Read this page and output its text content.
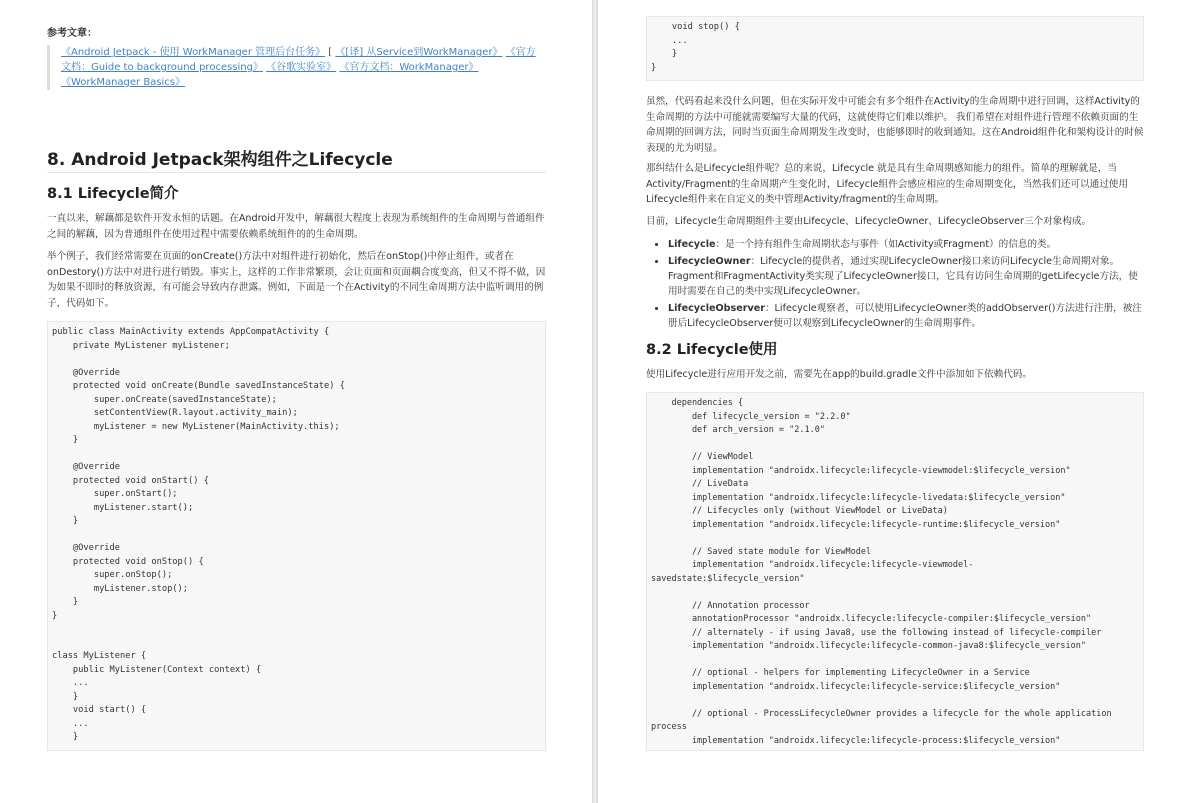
参考文章：
《Android Jetpack - 使用 WorkManager 管理后台任务》 [ 《[译] 从Service到WorkManager》 《官方文档：Guide to background processing》 《谷歌实验室》 《官方文档：WorkManager》 《WorkManager Basics》
8. Android Jetpack架构组件之Lifecycle
8.1 Lifecycle简介
一直以来，解藕都是软件开发永恒的话题。在Android开发中，解藕很大程度上表现为系统组件的生命周期与普通组件之间的解藕，因为普通组件在使用过程中需要依赖系统组件的的生命周期。
举个例子，我们经常需要在页面的onCreate()方法中对组件进行初始化，然后在onStop()中停止组件，或者在onDestory()方法中对进行进行销毁。事实上，这样的工作非常繁琐，会让页面和页面耦合度变高，但又不得不做，因为如果不即时的释放资源，有可能会导致内存泄露。例如，下面是一个在Activity的不同生命周期方法中监听调用的例子，代码如下。
public class MainActivity extends AppCompatActivity {
private MyListener myListener;

@Override
protected void onCreate(Bundle savedInstanceState) {
super.onCreate(savedInstanceState);
setContentView(R.layout.activity_main);
myListener = new MyListener(MainActivity.this);
}

@Override
protected void onStart() {
super.onStart();
myListener.start();
}

@Override
protected void onStop() {
super.onStop();
myListener.stop();
}
}

class MyListener {
public MyListener(Context context) {
...
}
void start() {
...
}
void stop() {
...
}
}
虽然，代码看起来没什么问题，但在实际开发中可能会有多个组件在Activity的生命周期中进行回调，这样Activity的生命周期的方法中可能就需要编写大量的代码，这就使得它们难以维护。 我们希望在对组件进行管理不依赖页面的生命周期的回调方法，同时当页面生命周期发生改变时，也能够即时的收到通知。这在Android组件化和架构设计的时候表现的尤为明显。
那纠结什么是Lifecycle组件呢？总的来说，Lifecycle 就是具有生命周期感知能力的组件。简单的理解就是，当Activity/Fragment的生命周期产生变化时，Lifecycle组件会感应相应的生命周期变化，当然我们还可以通过使用Lifecycle组件来在自定义的类中管理Activity/fragment的生命周期。
目前，Lifecycle生命周期组件主要由Lifecycle、LifecycleOwner、LifecycleObserver三个对象构成。
• Lifecycle：是一个持有组件生命周期状态与事件（如Activity或Fragment）的信息的类。
• LifecycleOwner：Lifecycle的提供者，通过实现LifecycleOwner接口来访问Lifecycle生命周期对象。Fragment和FragmentActivity类实现了LifecycleOwner接口，它具有访问生命周期的getLifecycle方法，使用时需要在自己的类中实现LifecycleOwner。
• LifecycleObserver：Lifecycle观察者，可以使用LifecycleOwner类的addObserver()方法进行注册，被注册后LifecycleObserver便可以观察到LifecycleOwner的生命周期事件。
8.2 Lifecycle使用
使用Lifecycle进行应用开发之前，需要先在app的build.gradle文件中添加如下依赖代码。
dependencies {
def lifecycle_version = "2.2.0"
def arch_version = "2.1.0"

// ViewModel
implementation "androidx.lifecycle:lifecycle-viewmodel:$lifecycle_version"
// LiveData
implementation "androidx.lifecycle:lifecycle-livedata:$lifecycle_version"
// Lifecycles only (without ViewModel or LiveData)
implementation "androidx.lifecycle:lifecycle-runtime:$lifecycle_version"

// Saved state module for ViewModel
implementation "androidx.lifecycle:lifecycle-viewmodel-
savedstate:$lifecycle_version"

// Annotation processor
annotationProcessor "androidx.lifecycle:lifecycle-compiler:$lifecycle_version"
// alternately - if using Java8, use the following instead of lifecycle-compiler
implementation "androidx.lifecycle:lifecycle-common-java8:$lifecycle_version"

// optional - helpers for implementing LifecycleOwner in a Service
implementation "androidx.lifecycle:lifecycle-service:$lifecycle_version"

// optional - ProcessLifecycleOwner provides a lifecycle for the whole application
process
implementation "androidx.lifecycle:lifecycle-process:$lifecycle_version"
